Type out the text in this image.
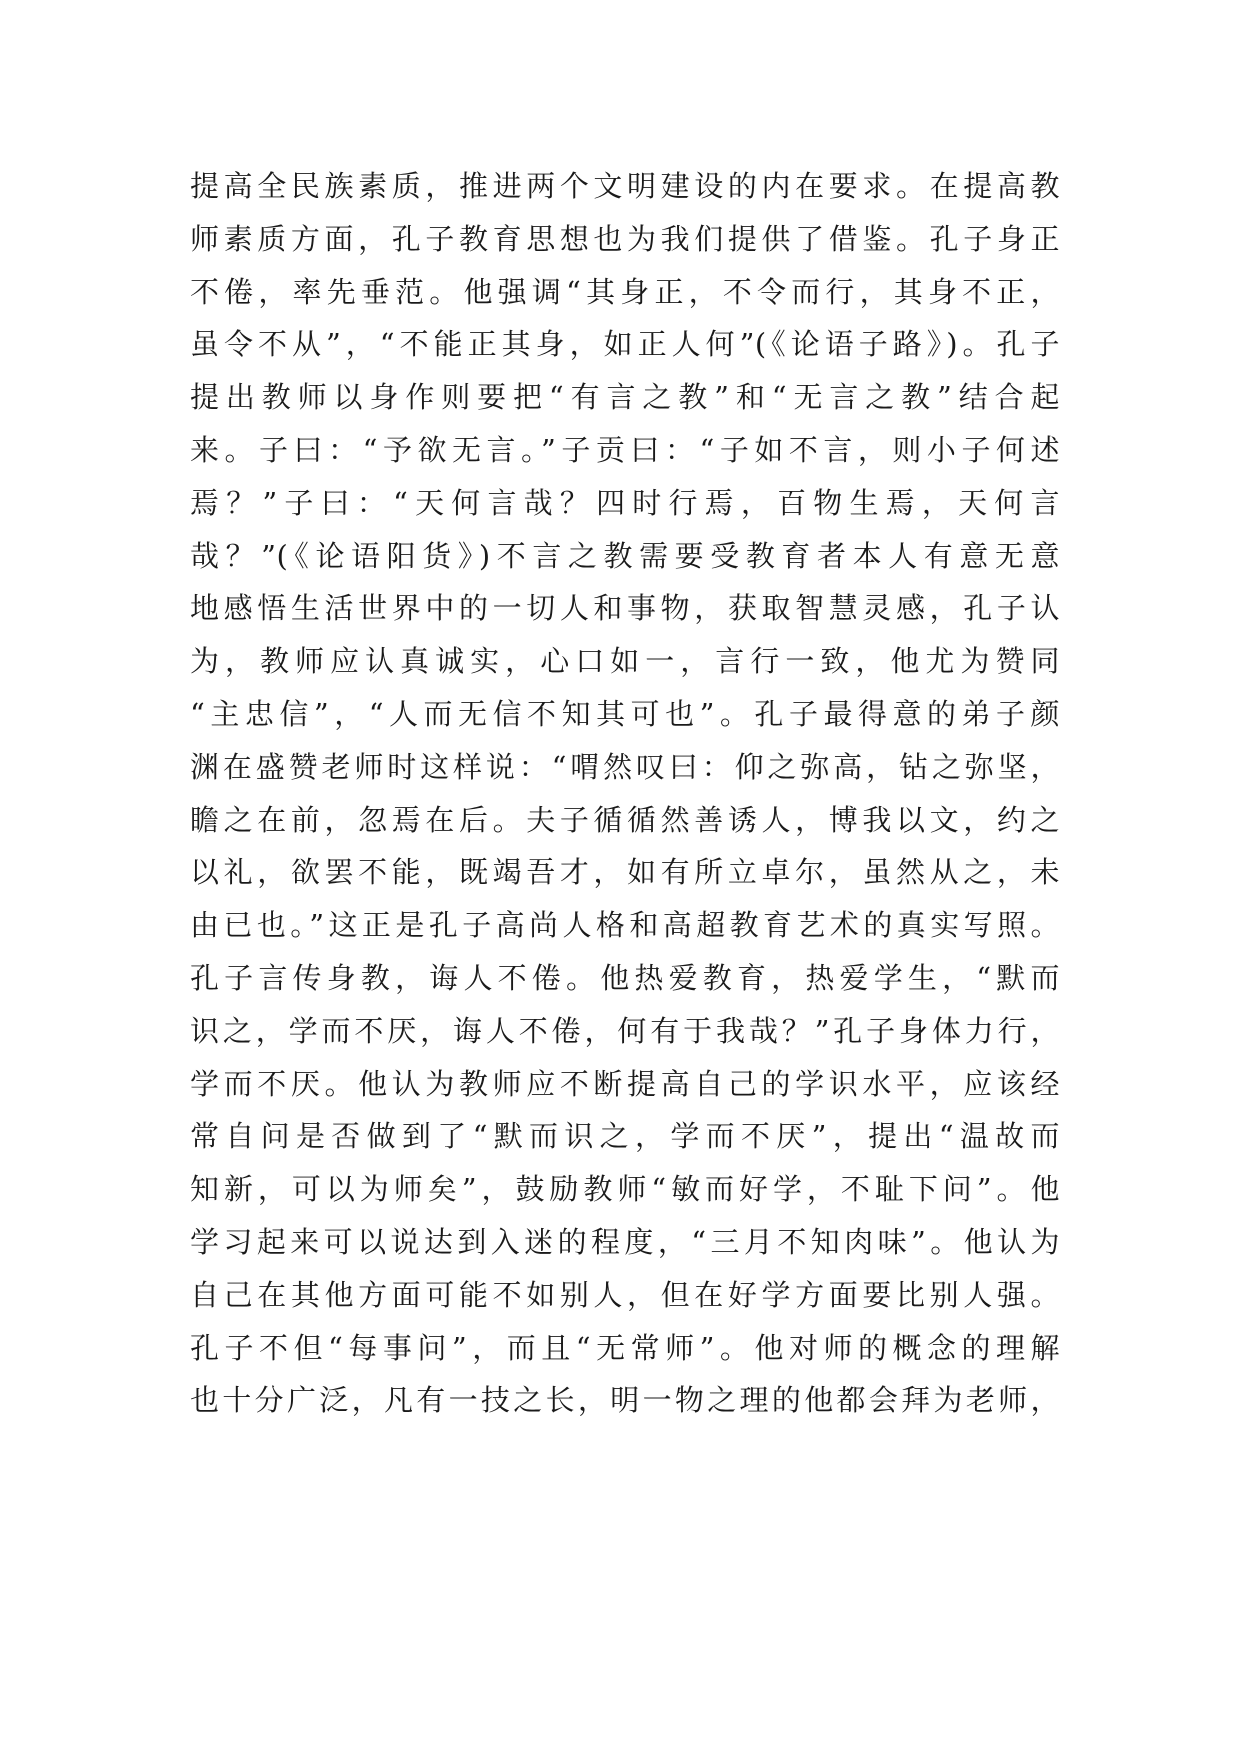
提高全民族素质，推进两个文明建设的内在要求。在提高教
师素质方面，孔子教育思想也为我们提供了借鉴。孔子身正
不倦，率先垂范。他强调“其身正，不令而行，其身不正，
虽令不从”，“不能正其身，如正人何”(《论语子路》)。孔子
提出教师以身作则要把“有言之教”和“无言之教”结合起
来。子曰：“予欲无言。”子贡曰：“子如不言，则小子何述
焉？”子曰：“天何言哉？四时行焉，百物生焉，天何言
哉？”(《论语阳货》)不言之教需要受教育者本人有意无意
地感悟生活世界中的一切人和事物，获取智慧灵感，孔子认
为，教师应认真诚实，心口如一，言行一致，他尤为赞同
“主忠信”，“人而无信不知其可也”。孔子最得意的弟子颜
渊在盛赞老师时这样说：“喟然叹曰：仰之弥高，钻之弥坚，
瞻之在前，忽焉在后。夫子循循然善诱人，博我以文，约之
以礼，欲罢不能，既竭吾才，如有所立卓尔，虽然从之，未
由已也。”这正是孔子高尚人格和高超教育艺术的真实写照。
孔子言传身教，诲人不倦。他热爱教育，热爱学生，“默而
识之，学而不厌，诲人不倦，何有于我哉？”孔子身体力行，
学而不厌。他认为教师应不断提高自己的学识水平，应该经
常自问是否做到了“默而识之，学而不厌”，提出“温故而
知新，可以为师矣”，鼓励教师“敏而好学，不耻下问”。他
学习起来可以说达到入迷的程度，“三月不知肉味”。他认为
自己在其他方面可能不如别人，但在好学方面要比别人强。
孔子不但“每事问”，而且“无常师”。他对师的概念的理解
也十分广泛，凡有一技之长，明一物之理的他都会拜为老师，
